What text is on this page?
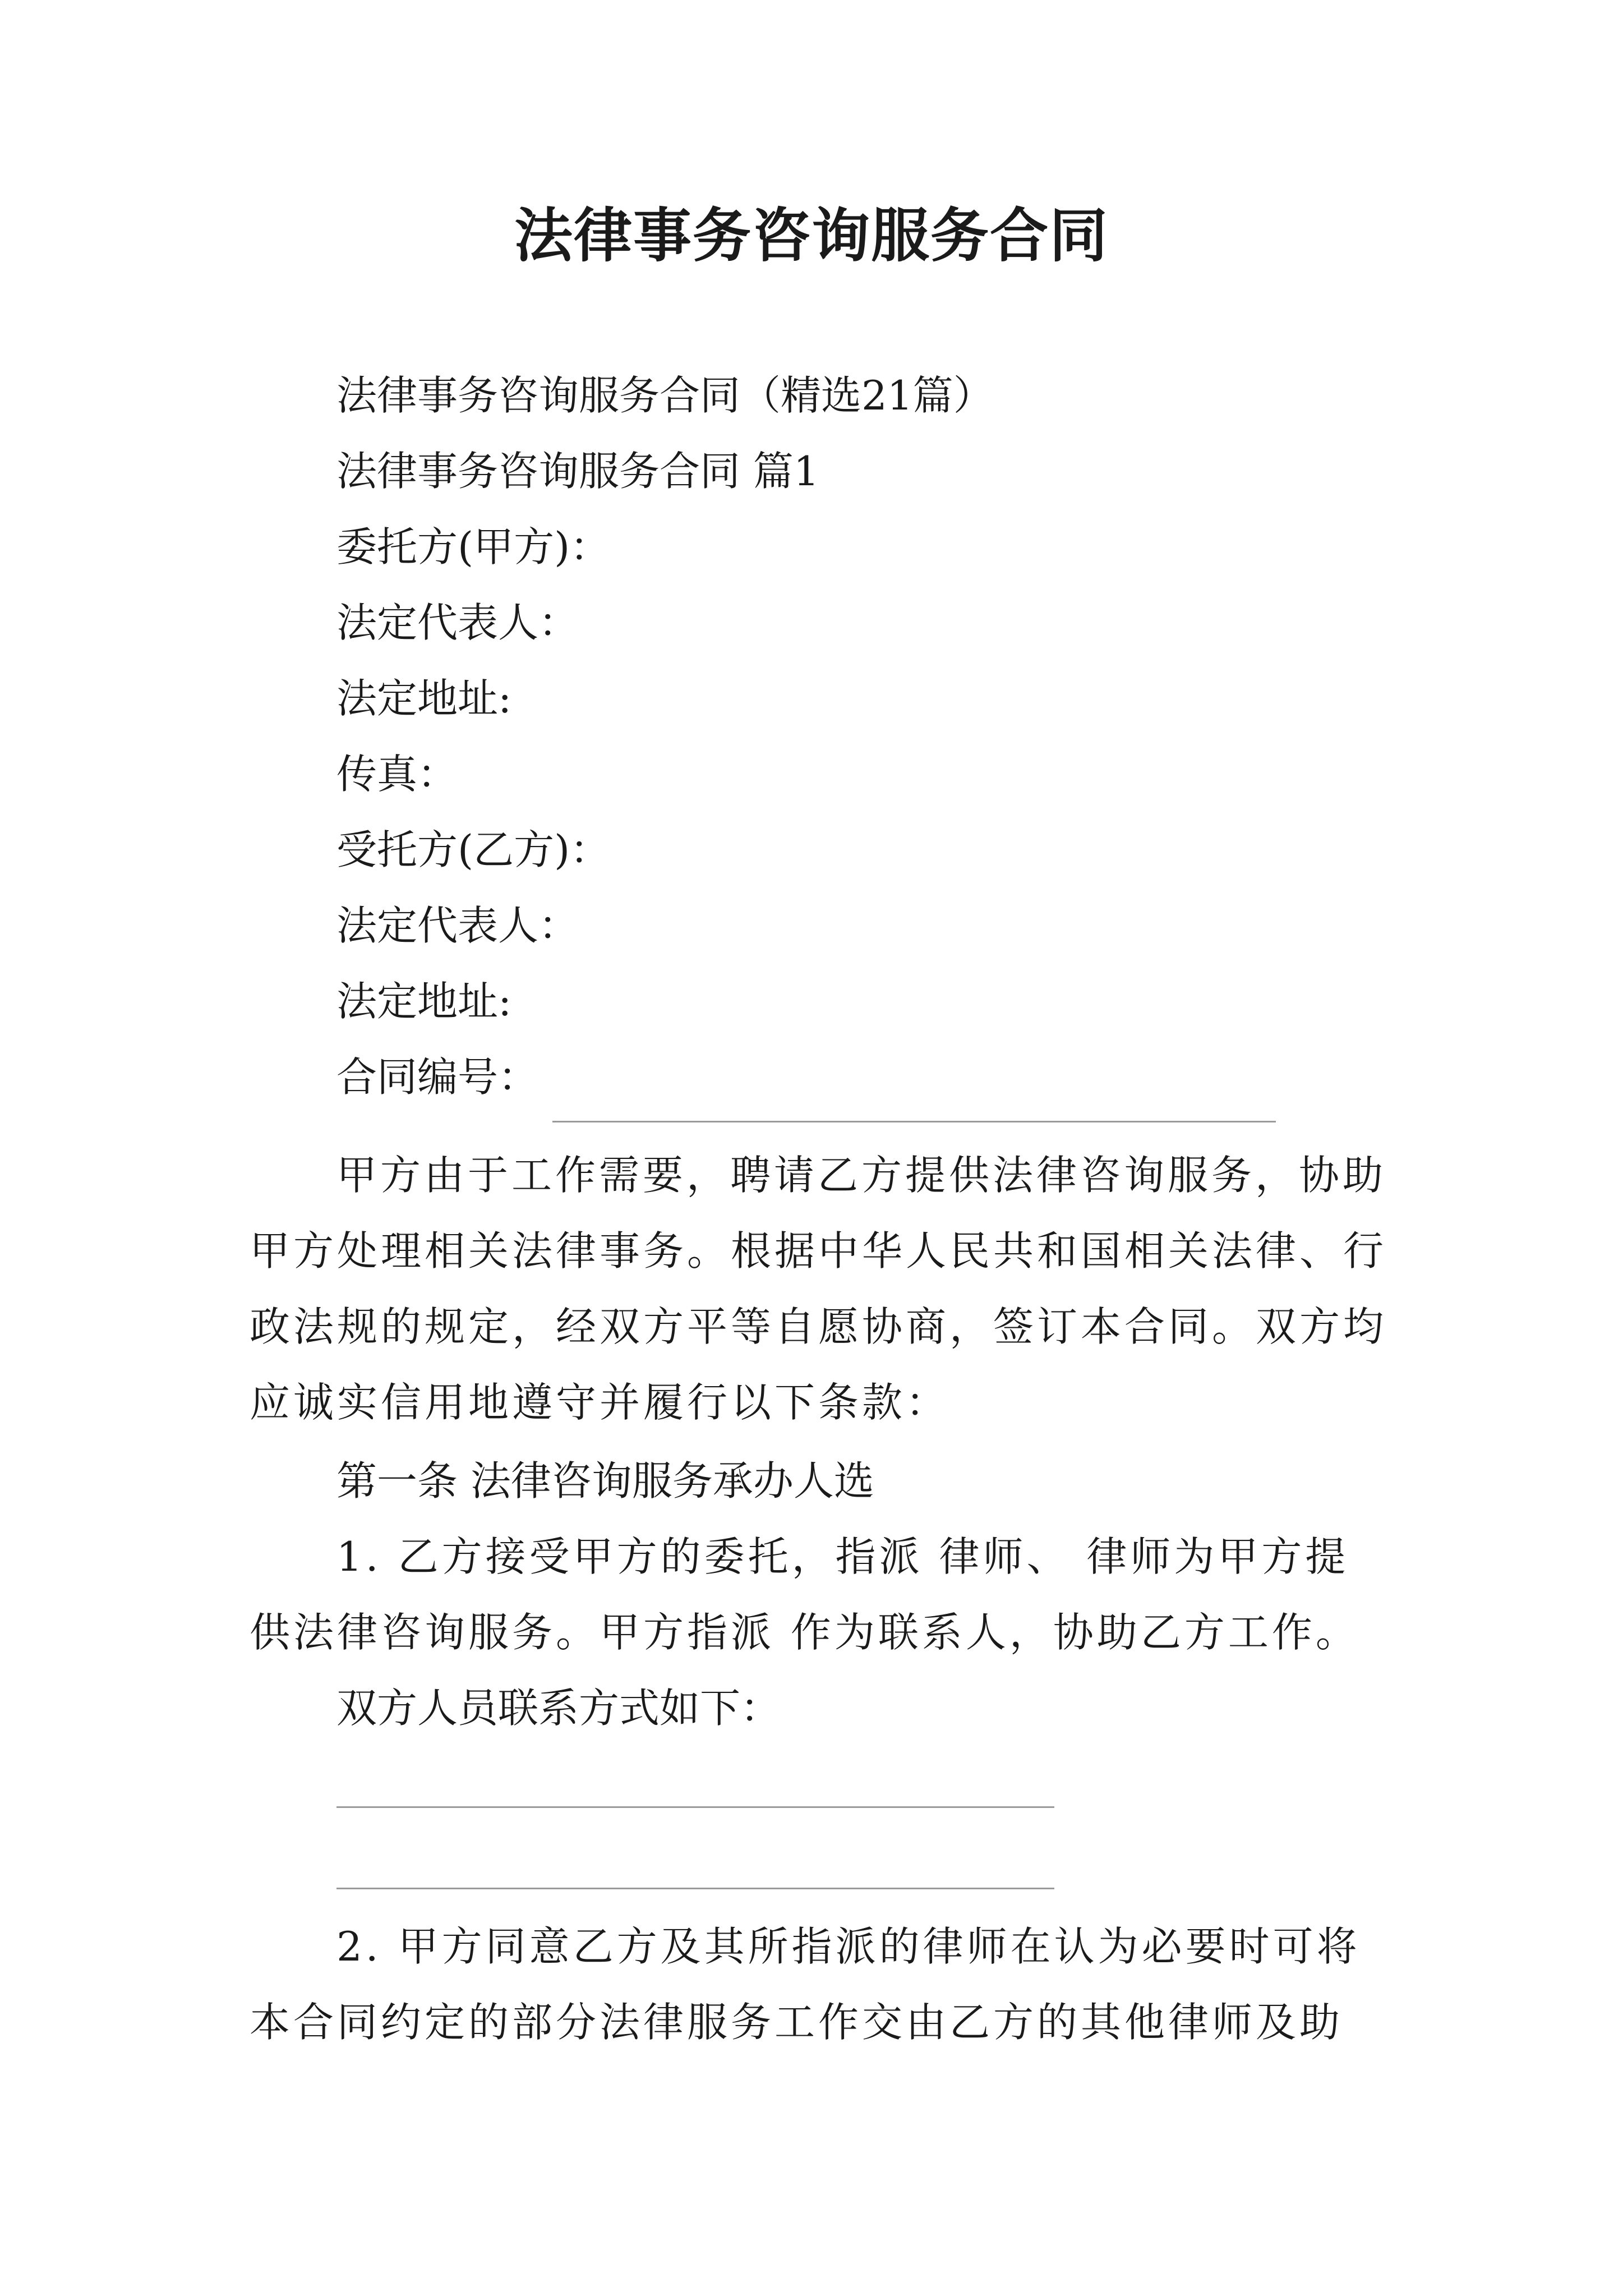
法律事务咨询服务合同
法律事务咨询服务合同（精选21篇）
法律事务咨询服务合同 篇1
委托方(甲方)：
法定代表人：
法定地址:
传真：
受托方(乙方)：
法定代表人：
法定地址:
合同编号：
甲方由于工作需要，聘请乙方提供法律咨询服务，协助
甲方处理相关法律事务。根据中华人民共和国相关法律、行
政法规的规定，经双方平等自愿协商，签订本合同。双方均
应诚实信用地遵守并履行以下条款：
第一条 法律咨询服务承办人选
1. 乙方接受甲方的委托，指派 律师、 律师为甲方提
供法律咨询服务。甲方指派 作为联系人，协助乙方工作。
双方人员联系方式如下：
2. 甲方同意乙方及其所指派的律师在认为必要时可将
本合同约定的部分法律服务工作交由乙方的其他律师及助
